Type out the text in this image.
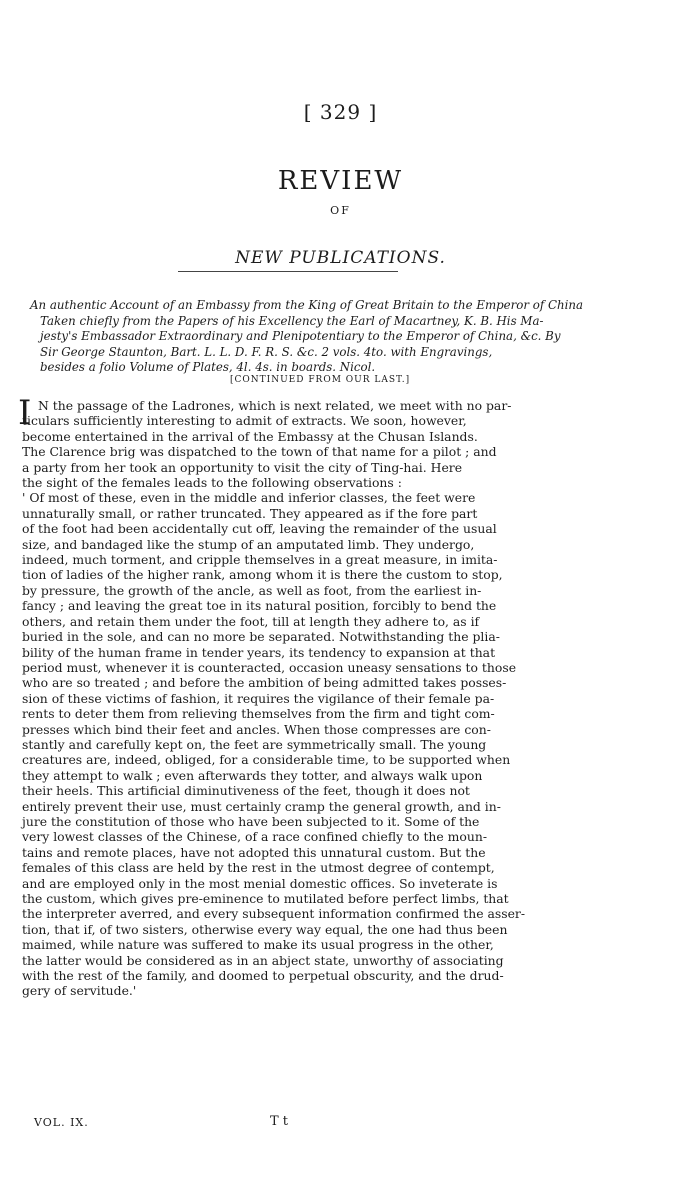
[ 329 ]
REVIEW
OF
NEW PUBLICATIONS.
An authentic Account of an Embassy from the King of Great Britain to the Emperor of China
Taken chiefly from the Papers of his Excellency the Earl of Macartney, K. B. His Ma-
jesty's Embassador Extraordinary and Plenipotentiary to the Emperor of China, &c. By
Sir George Staunton, Bart. L. L. D. F. R. S. &c. 2 vols. 4to. with Engravings,
besides a folio Volume of Plates, 4l. 4s. in boards. Nicol.
[CONTINUED FROM OUR LAST.]
I N the passage of the Ladrones, which is next related, we meet with no par-
ticulars sufficiently interesting to admit of extracts. We soon, however,
become entertained in the arrival of the Embassy at the Chusan Islands.
The Clarence brig was dispatched to the town of that name for a pilot ; and
a party from her took an opportunity to visit the city of Ting-hai. Here
the sight of the females leads to the following observations :
' Of most of these, even in the middle and inferior classes, the feet were
unnaturally small, or rather truncated. They appeared as if the fore part
of the foot had been accidentally cut off, leaving the remainder of the usual
size, and bandaged like the stump of an amputated limb. They undergo,
indeed, much torment, and cripple themselves in a great measure, in imita-
tion of ladies of the higher rank, among whom it is there the custom to stop,
by pressure, the growth of the ancle, as well as foot, from the earliest in-
fancy ; and leaving the great toe in its natural position, forcibly to bend the
others, and retain them under the foot, till at length they adhere to, as if
buried in the sole, and can no more be separated. Notwithstanding the plia-
bility of the human frame in tender years, its tendency to expansion at that
period must, whenever it is counteracted, occasion uneasy sensations to those
who are so treated ; and before the ambition of being admitted takes posses-
sion of these victims of fashion, it requires the vigilance of their female pa-
rents to deter them from relieving themselves from the firm and tight com-
presses which bind their feet and ancles. When those compresses are con-
stantly and carefully kept on, the feet are symmetrically small. The young
creatures are, indeed, obliged, for a considerable time, to be supported when
they attempt to walk ; even afterwards they totter, and always walk upon
their heels. This artificial diminutiveness of the feet, though it does not
entirely prevent their use, must certainly cramp the general growth, and in-
jure the constitution of those who have been subjected to it. Some of the
very lowest classes of the Chinese, of a race confined chiefly to the moun-
tains and remote places, have not adopted this unnatural custom. But the
females of this class are held by the rest in the utmost degree of contempt,
and are employed only in the most menial domestic offices. So inveterate is
the custom, which gives pre-eminence to mutilated before perfect limbs, that
the interpreter averred, and every subsequent information confirmed the asser-
tion, that if, of two sisters, otherwise every way equal, the one had thus been
maimed, while nature was suffered to make its usual progress in the other,
the latter would be considered as in an abject state, unworthy of associating
with the rest of the family, and doomed to perpetual obscurity, and the drud-
gery of servitude.'
VOL. IX.	T t
